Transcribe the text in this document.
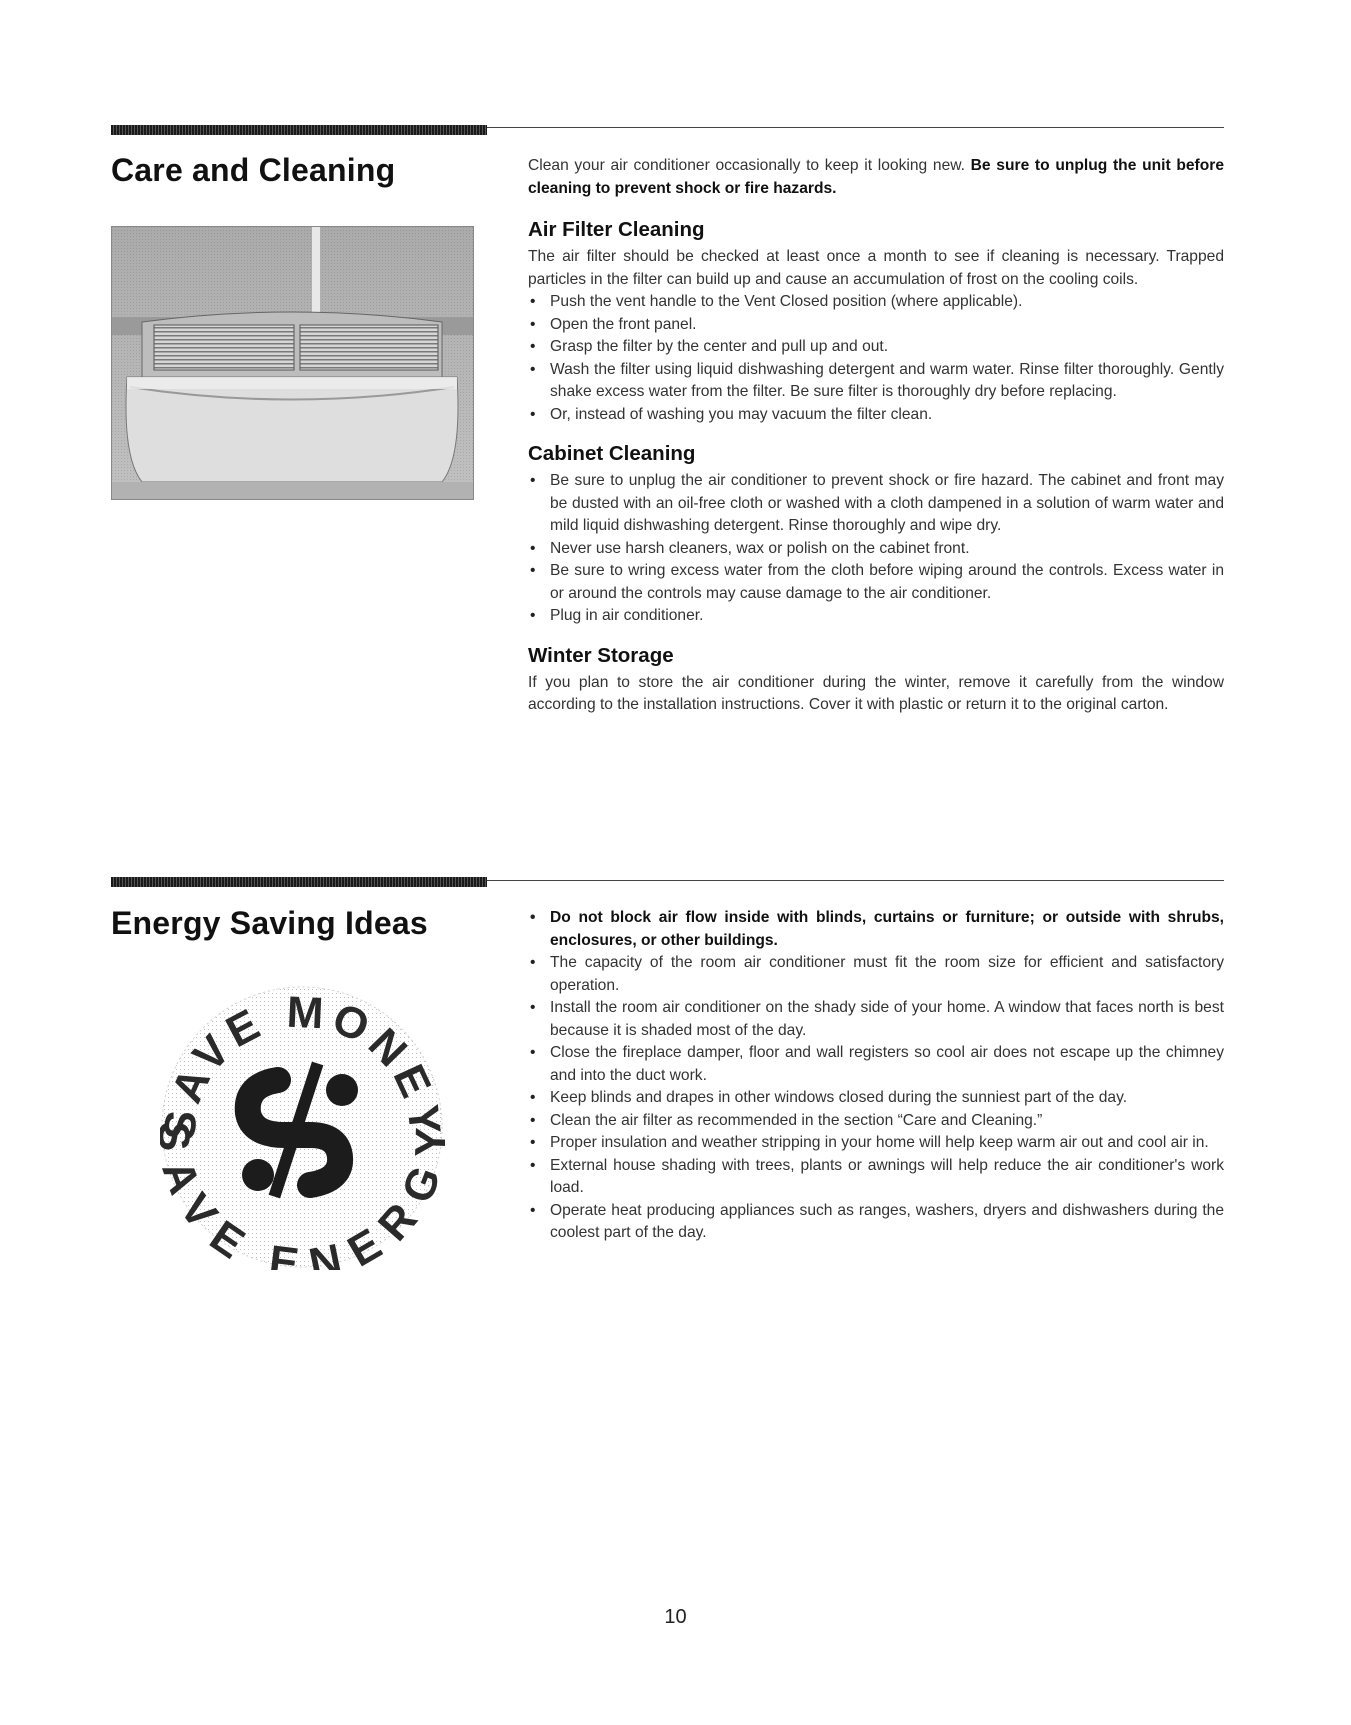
Care and Cleaning	Clean your air conditioner occasionally to keep it looking new. Be sure to unplug the unit before cleaning to prevent shock or fire hazards.

Air Filter Cleaning

The air filter should be checked at least once a month to see if cleaning is necessary. Trapped particles in the filter can build up and cause an accumulation of frost on the cooling coils.

• Push the vent handle to the Vent Closed position (where applicable).
• Open the front panel.
• Grasp the filter by the center and pull up and out.
• Wash the filter using liquid dishwashing detergent and warm water. Rinse filter thoroughly. Gently shake excess water from the filter. Be sure filter is thoroughly dry before replacing.
• Or, instead of washing you may vacuum the filter clean.
Cabinet Cleaning
• Be sure to unplug the air conditioner to prevent shock or fire hazard. The cabinet and front may be dusted with an oil-free cloth or washed with a cloth dampened in a solution of warm water and mild liquid dishwashing detergent. Rinse thoroughly and wipe dry.
• Never use harsh cleaners, wax or polish on the cabinet front.
• Be sure to wring excess water from the cloth before wiping around the controls. Excess water in or around the controls may cause damage to the air conditioner.
• Plug in air conditioner.
Winter Storage

If you plan to store the air conditioner during the winter, remove it carefully from the window according to the installation instructions. Cover it with plastic or return it to the original carton.

Energy Saving Ideas
SAVE MONEY
VE ENER
• Do not block air flow inside with blinds, curtains or furniture; or outside with shrubs, enclosures, or other buildings.
• The capacity of the room air conditioner must fit the room size for efficient and satisfactory operation.
• Install the room air conditioner on the shady side of your home. A window that faces north is best because it is shaded most of the day.
• Close the fireplace damper, floor and wall registers so cool air does not escape up the chimney and into the duct work.
• Keep blinds and drapes in other windows closed during the sunniest part of the day.
• Clean the air filter as recommended in the section “Care and Cleaning.”
• Proper insulation and weather stripping in your home will help keep warm air out and cool air in.
• External house shading with trees, plants or awnings will help reduce the air conditioner's work load.
• Operate heat producing appliances such as ranges, washers, dryers and dishwashers during the coolest part of the day.
10
